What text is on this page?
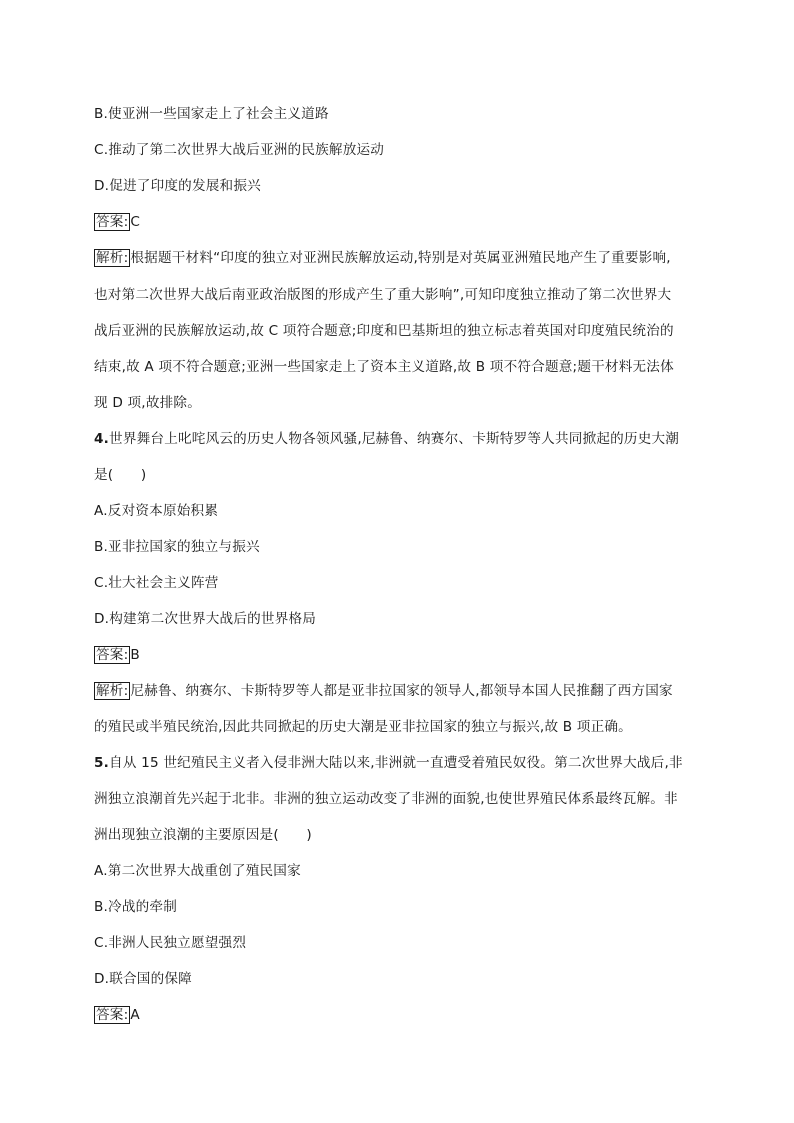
B.使亚洲一些国家走上了社会主义道路
C.推动了第二次世界大战后亚洲的民族解放运动
D.促进了印度的发展和振兴
答案: C
解析: 根据题干材料“印度的独立对亚洲民族解放运动,特别是对英属亚洲殖民地产生了重要影响,
也对第二次世界大战后南亚政治版图的形成产生了重大影响”,可知印度独立推动了第二次世界大
战后亚洲的民族解放运动,故 C 项符合题意;印度和巴基斯坦的独立标志着英国对印度殖民统治的
结束,故 A 项不符合题意;亚洲一些国家走上了资本主义道路,故 B 项不符合题意;题干材料无法体
现 D 项,故排除。
4.世界舞台上叱咤风云的历史人物各领风骚,尼赫鲁、纳赛尔、卡斯特罗等人共同掀起的历史大潮
是(　　)
A.反对资本原始积累
B.亚非拉国家的独立与振兴
C.壮大社会主义阵营
D.构建第二次世界大战后的世界格局
答案: B
解析: 尼赫鲁、纳赛尔、卡斯特罗等人都是亚非拉国家的领导人,都领导本国人民推翻了西方国家
的殖民或半殖民统治,因此共同掀起的历史大潮是亚非拉国家的独立与振兴,故 B 项正确。
5.自从 15 世纪殖民主义者入侵非洲大陆以来,非洲就一直遭受着殖民奴役。第二次世界大战后,非
洲独立浪潮首先兴起于北非。非洲的独立运动改变了非洲的面貌,也使世界殖民体系最终瓦解。非
洲出现独立浪潮的主要原因是(　　)
A.第二次世界大战重创了殖民国家
B.冷战的牵制
C.非洲人民独立愿望强烈
D.联合国的保障
答案: A
